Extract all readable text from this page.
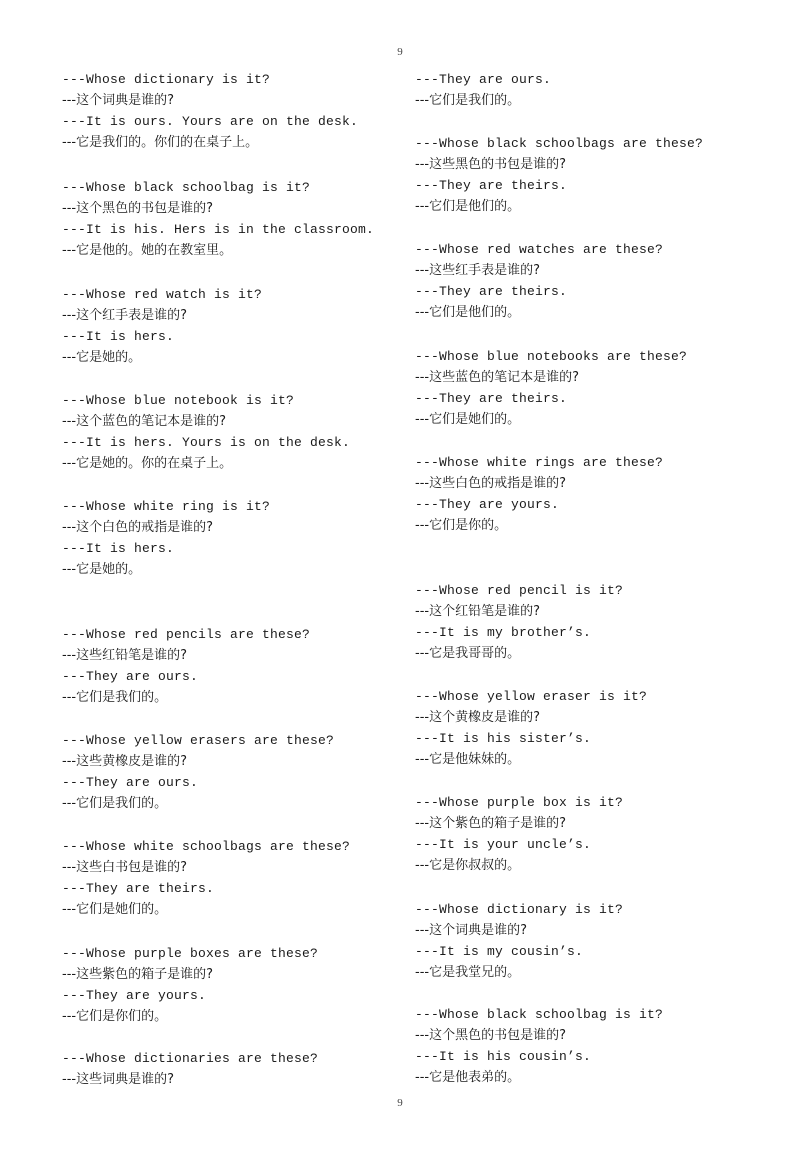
9
---Whose dictionary is it?
---这个词典是谁的?
---It is ours. Yours are on the desk.
---它是我们的。你们的在桌子上。
---Whose black schoolbag is it?
---这个黑色的书包是谁的?
---It is his. Hers is in the classroom.
---它是他的。她的在教室里。
---Whose red watch is it?
---这个红手表是谁的?
---It is hers.
---它是她的。
---Whose blue notebook is it?
---这个蓝色的笔记本是谁的?
---It is hers. Yours is on the desk.
---它是她的。你的在桌子上。
---Whose white ring is it?
---这个白色的戒指是谁的?
---It is hers.
---它是她的。
---Whose red pencils are these?
---这些红铅笔是谁的?
---They are ours.
---它们是我们的。
---Whose yellow erasers are these?
---这些黄橡皮是谁的?
---They are ours.
---它们是我们的。
---Whose white schoolbags are these?
---这些白书包是谁的?
---They are theirs.
---它们是她们的。
---Whose purple boxes are these?
---这些紫色的箱子是谁的?
---They are yours.
---它们是你们的。
---Whose dictionaries are these?
---这些词典是谁的?
---They are ours.
---它们是我们的。
---Whose black schoolbags are these?
---这些黑色的书包是谁的?
---They are theirs.
---它们是他们的。
---Whose red watches are these?
---这些红手表是谁的?
---They are theirs.
---它们是他们的。
---Whose blue notebooks are these?
---这些蓝色的笔记本是谁的?
---They are theirs.
---它们是她们的。
---Whose white rings are these?
---这些白色的戒指是谁的?
---They are yours.
---它们是你的。
---Whose red pencil is it?
---这个红铅笔是谁的?
---It is my brother’s.
---它是我哥哥的。
---Whose yellow eraser is it?
---这个黄橡皮是谁的?
---It is his sister’s.
---它是他妹妹的。
---Whose purple box is it?
---这个紫色的箱子是谁的?
---It is your uncle’s.
---它是你叔叔的。
---Whose dictionary is it?
---这个词典是谁的?
---It is my cousin’s.
---它是我堂兄的。
---Whose black schoolbag is it?
---这个黑色的书包是谁的?
---It is his cousin’s.
---它是他表弟的。
9
